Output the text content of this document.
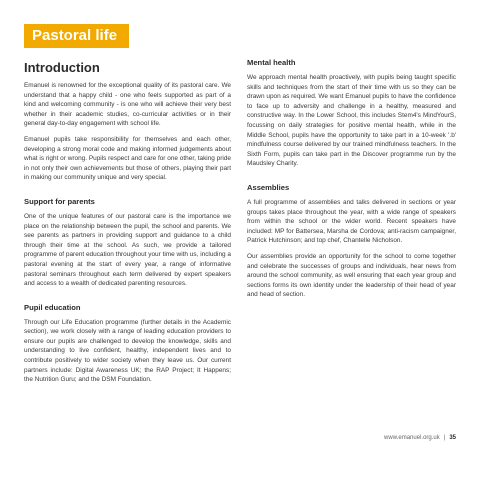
Pastoral life
Introduction

Emanuel is renowned for the exceptional quality of its pastoral care. We understand that a happy child - one who feels supported as part of a kind and welcoming community - is one who will achieve their very best whether in their academic studies, co-curricular activities or in their general day-to-day engagement with school life.

Emanuel pupils take responsibility for themselves and each other, developing a strong moral code and making informed judgements about what is right or wrong. Pupils respect and care for one other, taking pride in not only their own achievements but those of others, playing their part in making our community unique and very special.

Support for parents

One of the unique features of our pastoral care is the importance we place on the relationship between the pupil, the school and parents. We see parents as partners in providing support and guidance to a child through their time at the school. As such, we provide a tailored programme of parent education throughout your time with us, including a pastoral evening at the start of every year, a range of informative pastoral seminars throughout each term delivered by expert speakers and access to a wealth of dedicated parenting resources.

Pupil education

Through our Life Education programme (further details in the Academic section), we work closely with a range of leading education providers to ensure our pupils are challenged to develop the knowledge, skills and understanding to live confident, healthy, independent lives and to contribute positively to wider society when they leave us. Our current partners include: Digital Awareness UK; the RAP Project; It Happens; the Nutrition Guru; and the DSM Foundation.

Mental health

We approach mental health proactively, with pupils being taught specific skills and techniques from the start of their time with us so they can be drawn upon as required. We want Emanuel pupils to have the confidence to face up to adversity and challenge in a healthy, measured and constructive way. In the Lower School, this includes Stem4's MindYourS, focussing on daily strategies for positive mental health, while in the Middle School, pupils have the opportunity to take part in a 10-week '.b' mindfulness course delivered by our trained mindfulness teachers. In the Sixth Form, pupils can take part in the Discover programme run by the Maudsley Charity.

Assemblies

A full programme of assemblies and talks delivered in sections or year groups takes place throughout the year, with a wide range of speakers from within the school or the wider world. Recent speakers have included: MP for Battersea, Marsha de Cordova; anti-racism campaigner, Patrick Hutchinson; and top chef, Chantelle Nicholson.

Our assemblies provide an opportunity for the school to come together and celebrate the successes of groups and individuals, hear news from around the school community, as well ensuring that each year group and sections forms its own identity under the leadership of their head of year and head of section.

www.emanuel.org.uk | 35
